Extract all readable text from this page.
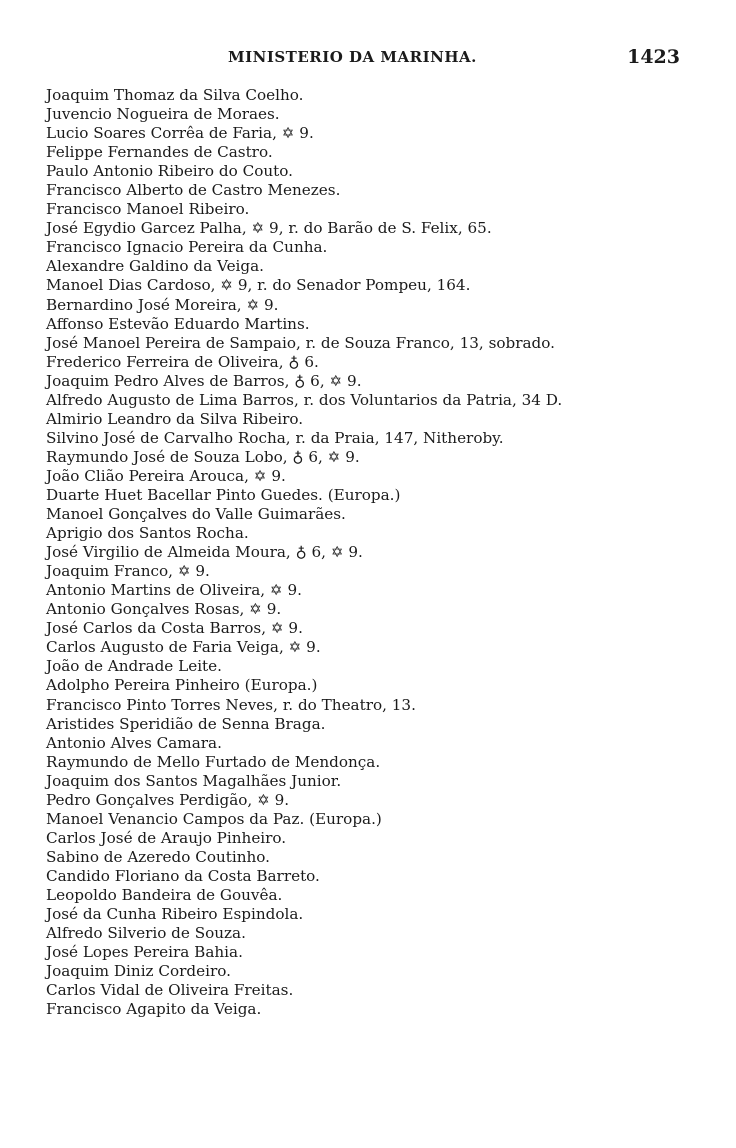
MINISTERIO DA MARINHA.	1423
Joaquim Thomaz da Silva Coelho.
Juvencio Nogueira de Moraes.
Lucio Soares Corrêa de Faria, ✡ 9.
Felippe Fernandes de Castro.
Paulo Antonio Ribeiro do Couto.
Francisco Alberto de Castro Menezes.
Francisco Manoel Ribeiro.
José Egydio Garcez Palha, ✡ 9, r. do Barão de S. Felix, 65.
Francisco Ignacio Pereira da Cunha.
Alexandre Galdino da Veiga.
Manoel Dias Cardoso, ✡ 9, r. do Senador Pompeu, 164.
Bernardino José Moreira, ✡ 9.
Affonso Estevão Eduardo Martins.
José Manoel Pereira de Sampaio, r. de Souza Franco, 13, sobrado.
Frederico Ferreira de Oliveira, ♁ 6.
Joaquim Pedro Alves de Barros, ♁ 6, ✡ 9.
Alfredo Augusto de Lima Barros, r. dos Voluntarios da Patria, 34 D.
Almirio Leandro da Silva Ribeiro.
Silvino José de Carvalho Rocha, r. da Praia, 147, Nitheroby.
Raymundo José de Souza Lobo, ♁ 6, ✡ 9.
João Clião Pereira Arouca, ✡ 9.
Duarte Huet Bacellar Pinto Guedes. (Europa.)
Manoel Gonçalves do Valle Guimarães.
Aprigio dos Santos Rocha.
José Virgilio de Almeida Moura, ♁ 6, ✡ 9.
Joaquim Franco, ✡ 9.
Antonio Martins de Oliveira, ✡ 9.
Antonio Gonçalves Rosas, ✡ 9.
José Carlos da Costa Barros, ✡ 9.
Carlos Augusto de Faria Veiga, ✡ 9.
João de Andrade Leite.
Adolpho Pereira Pinheiro (Europa.)
Francisco Pinto Torres Neves, r. do Theatro, 13.
Aristides Speridião de Senna Braga.
Antonio Alves Camara.
Raymundo de Mello Furtado de Mendonça.
Joaquim dos Santos Magalhães Junior.
Pedro Gonçalves Perdigão, ✡ 9.
Manoel Venancio Campos da Paz. (Europa.)
Carlos José de Araujo Pinheiro.
Sabino de Azeredo Coutinho.
Candido Floriano da Costa Barreto.
Leopoldo Bandeira de Gouvêa.
José da Cunha Ribeiro Espindola.
Alfredo Silverio de Souza.
José Lopes Pereira Bahia.
Joaquim Diniz Cordeiro.
Carlos Vidal de Oliveira Freitas.
Francisco Agapito da Veiga.
